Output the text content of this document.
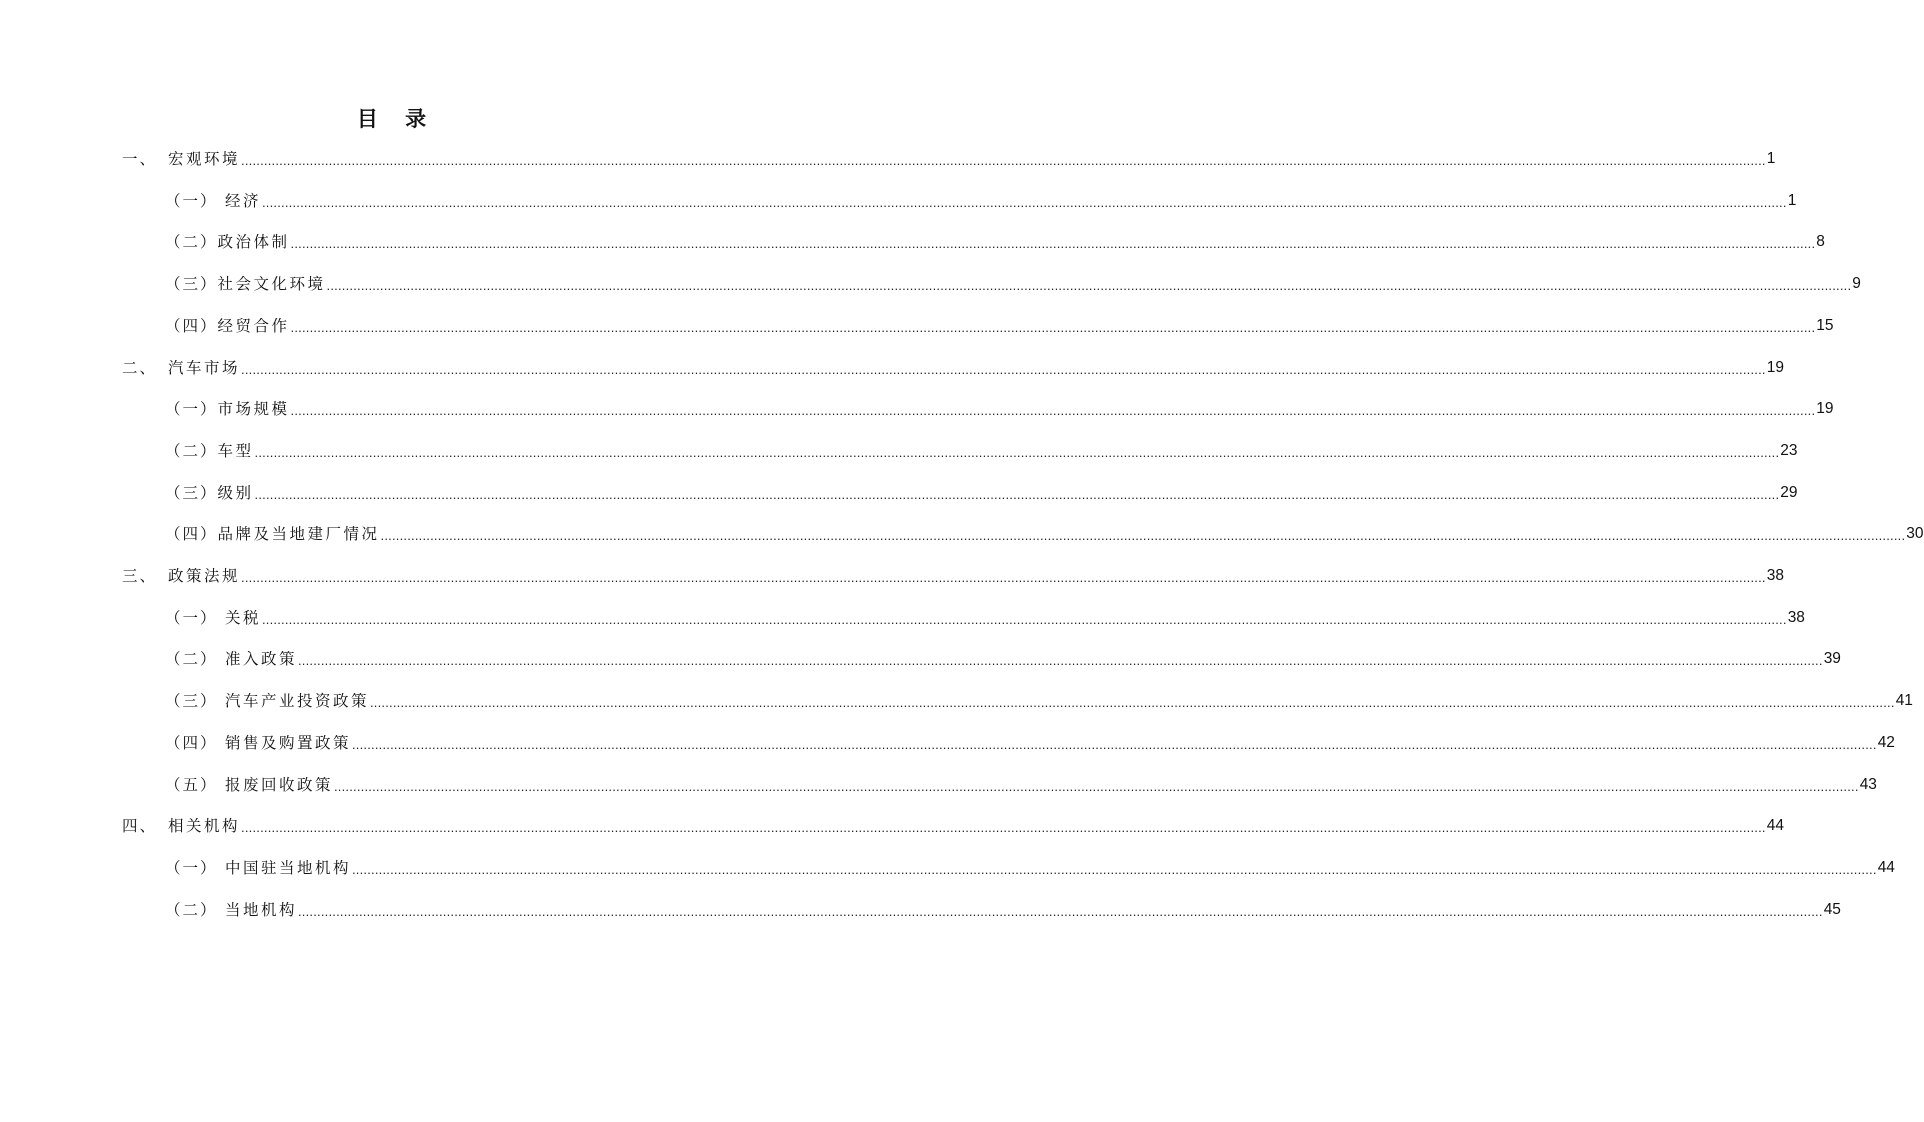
目 录
一、 宏观环境 ................................................................................................................................................................................................................................................................................................................................................................................................................ 1
（一） 经济 ................................................................................................................................................................................................................................................................................................................................................................................................................ 1
（二） 政治体制 ................................................................................................................................................................................................................................................................................................................................................................................................................ 8
（三） 社会文化环境 ................................................................................................................................................................................................................................................................................................................................................................................................................ 9
（四） 经贸合作 ................................................................................................................................................................................................................................................................................................................................................................................................................ 15
二、 汽车市场 ................................................................................................................................................................................................................................................................................................................................................................................................................ 19
（一） 市场规模 ................................................................................................................................................................................................................................................................................................................................................................................................................ 19
（二） 车型 ................................................................................................................................................................................................................................................................................................................................................................................................................ 23
（三） 级别 ................................................................................................................................................................................................................................................................................................................................................................................................................ 29
（四） 品牌及当地建厂情况 ................................................................................................................................................................................................................................................................................................................................................................................................................ 30
三、 政策法规 ................................................................................................................................................................................................................................................................................................................................................................................................................ 38
（一） 关税 ................................................................................................................................................................................................................................................................................................................................................................................................................ 38
（二） 准入政策 ................................................................................................................................................................................................................................................................................................................................................................................................................ 39
（三） 汽车产业投资政策 ................................................................................................................................................................................................................................................................................................................................................................................................................ 41
（四） 销售及购置政策 ................................................................................................................................................................................................................................................................................................................................................................................................................ 42
（五） 报废回收政策 ................................................................................................................................................................................................................................................................................................................................................................................................................ 43
四、 相关机构 ................................................................................................................................................................................................................................................................................................................................................................................................................ 44
（一） 中国驻当地机构 ................................................................................................................................................................................................................................................................................................................................................................................................................ 44
（二） 当地机构 ................................................................................................................................................................................................................................................................................................................................................................................................................ 45
